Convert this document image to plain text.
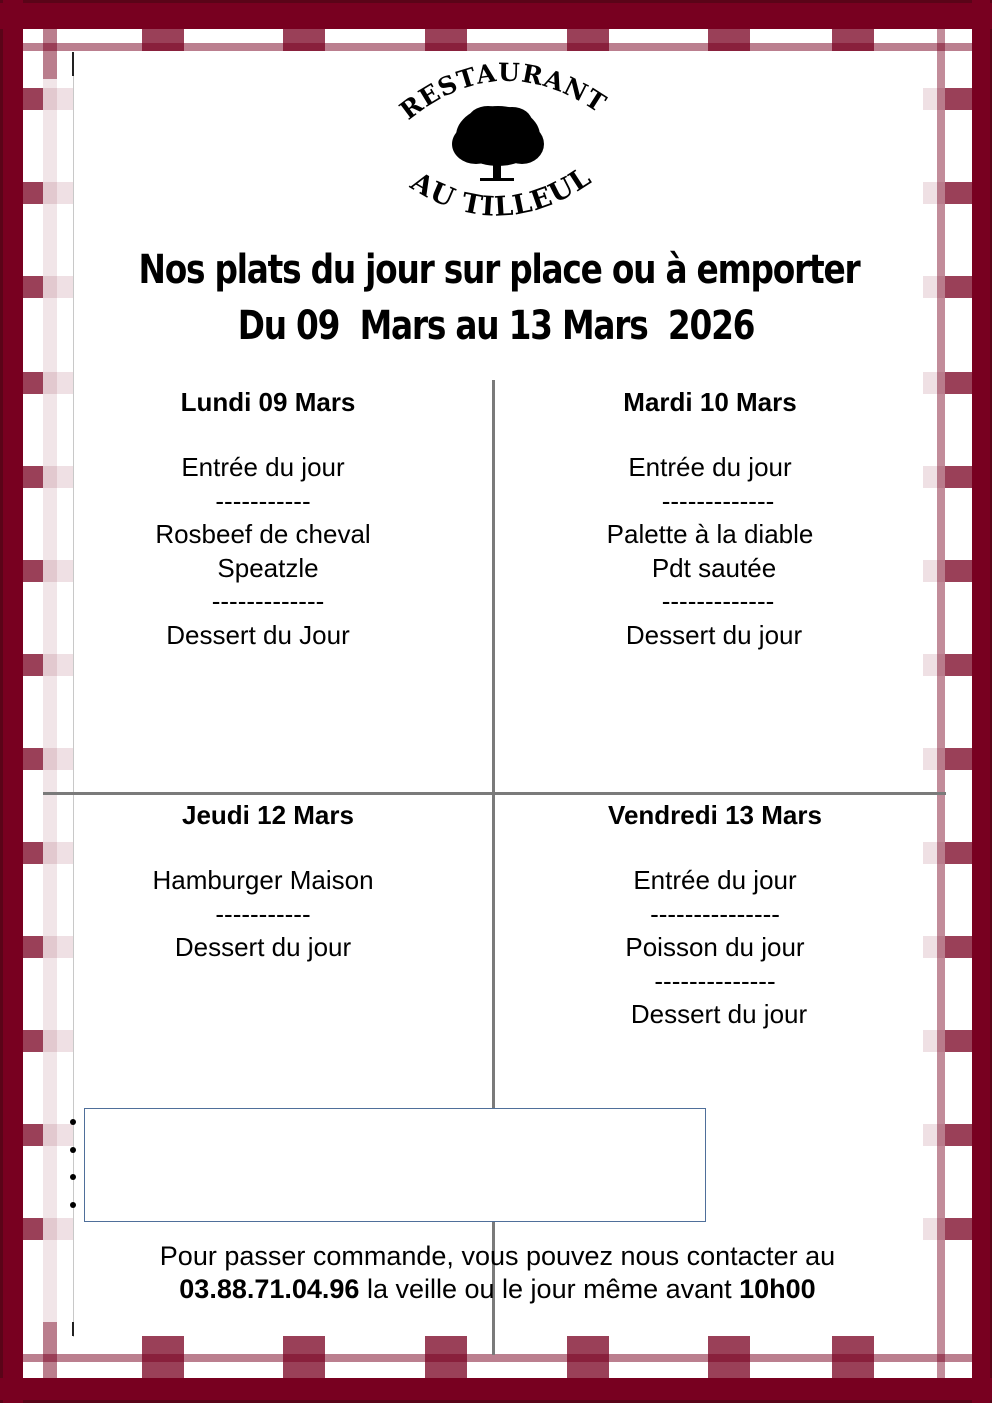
RESTAURANT
AU TILLEUL
Nos plats du jour sur place ou à emporter
Du 09  Mars au 13 Mars  2026
Lundi 09 Mars
Entrée du jour
-----------
Rosbeef de cheval
Speatzle
-------------
Dessert du Jour
Mardi 10 Mars
Entrée du jour
-------------
Palette à la diable
Pdt sautée
-------------
Dessert du jour
Jeudi 12 Mars
Hamburger Maison
-----------
Dessert du jour
Vendredi 13 Mars
Entrée du jour
---------------
Poisson du jour
--------------
Dessert du jour
Pour passer commande, vous pouvez nous contacter au
03.88.71.04.96 la veille ou le jour même avant 10h00
